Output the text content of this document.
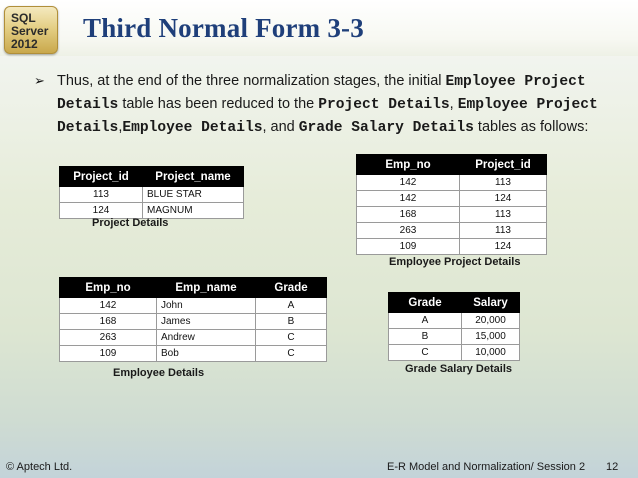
SQL
Server
2012
Third Normal Form 3-3
➢ Thus, at the end of the three normalization stages, the initial Employee Project Details table has been reduced to the Project Details, Employee Project Details,Employee Details, and Grade Salary Details tables as follows:
Project_id	Project_name
113	BLUE STAR
124	MAGNUM
Project Details
Emp_no	Project_id
142	113
142	124
168	113
263	113
109	124
Employee Project Details
Emp_no	Emp_name	Grade
142	John	A
168	James	B
263	Andrew	C
109	Bob	C
Employee Details
Grade	Salary
A	20,000
B	15,000
C	10,000
Grade Salary Details
© Aptech Ltd.	E-R Model and Normalization/ Session 2 12
